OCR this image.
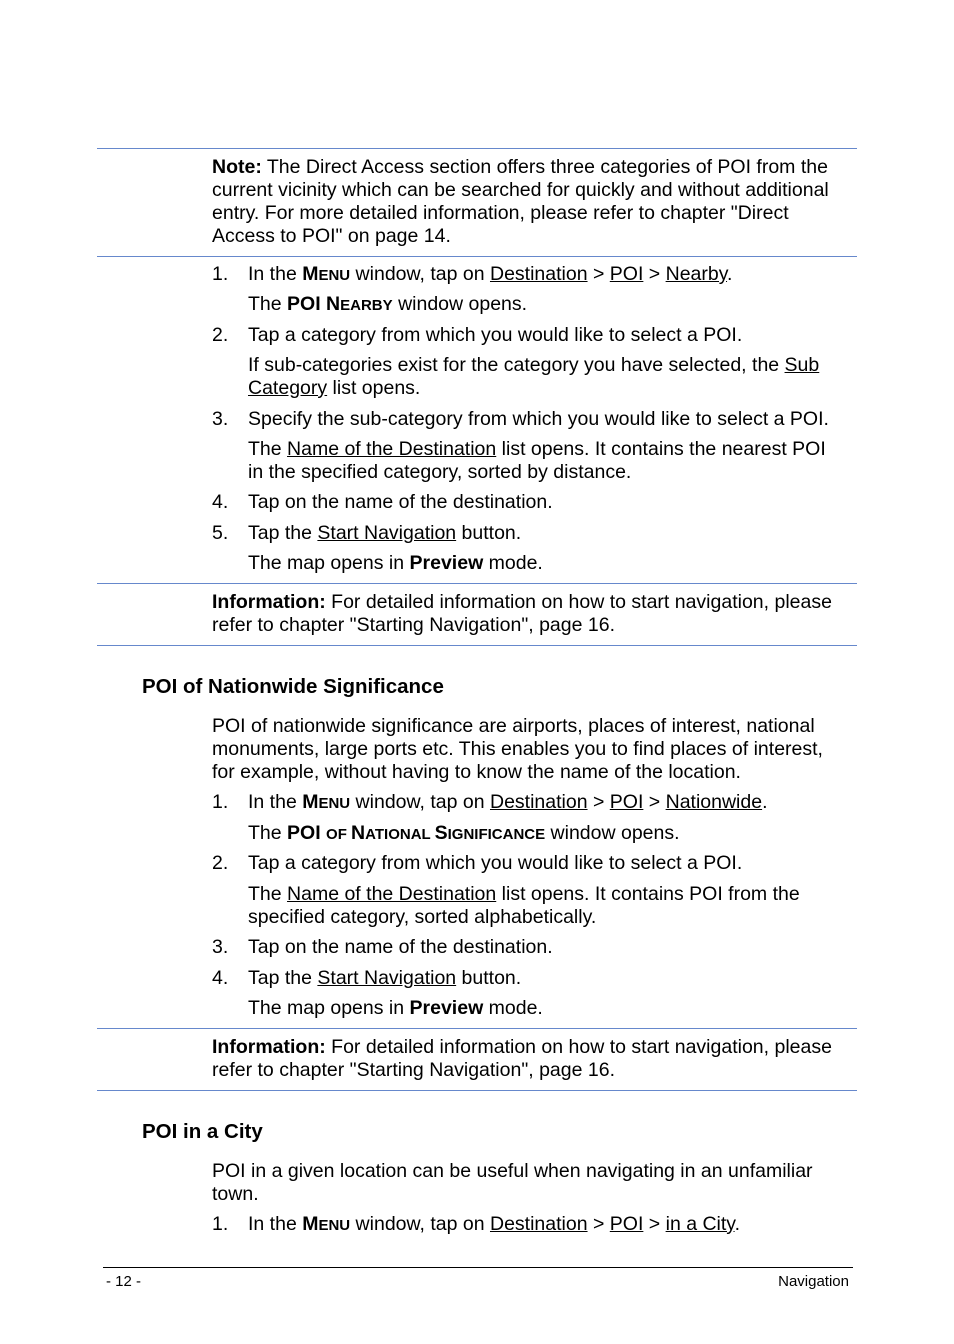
Note: The Direct Access section offers three categories of POI from the
current vicinity which can be searched for quickly and without additional
entry. For more detailed information, please refer to chapter "Direct
Access to POI" on page 14.
1. In the MENU window, tap on Destination > POI > Nearby.
The POI NEARBY window opens.
2. Tap a category from which you would like to select a POI.
If sub-categories exist for the category you have selected, the Sub
Category list opens.
3. Specify the sub-category from which you would like to select a POI.
The Name of the Destination list opens. It contains the nearest POI
in the specified category, sorted by distance.
4. Tap on the name of the destination.
5. Tap the Start Navigation button.
The map opens in Preview mode.
Information: For detailed information on how to start navigation, please
refer to chapter "Starting Navigation", page 16.
POI of Nationwide Significance
POI of nationwide significance are airports, places of interest, national
monuments, large ports etc. This enables you to find places of interest,
for example, without having to know the name of the location.
1. In the MENU window, tap on Destination > POI > Nationwide.
The POI OF NATIONAL SIGNIFICANCE window opens.
2. Tap a category from which you would like to select a POI.
The Name of the Destination list opens. It contains POI from the
specified category, sorted alphabetically.
3. Tap on the name of the destination.
4. Tap the Start Navigation button.
The map opens in Preview mode.
Information: For detailed information on how to start navigation, please
refer to chapter "Starting Navigation", page 16.
POI in a City
POI in a given location can be useful when navigating in an unfamiliar
town.
1. In the MENU window, tap on Destination > POI > in a City.
- 12 -	Navigation
